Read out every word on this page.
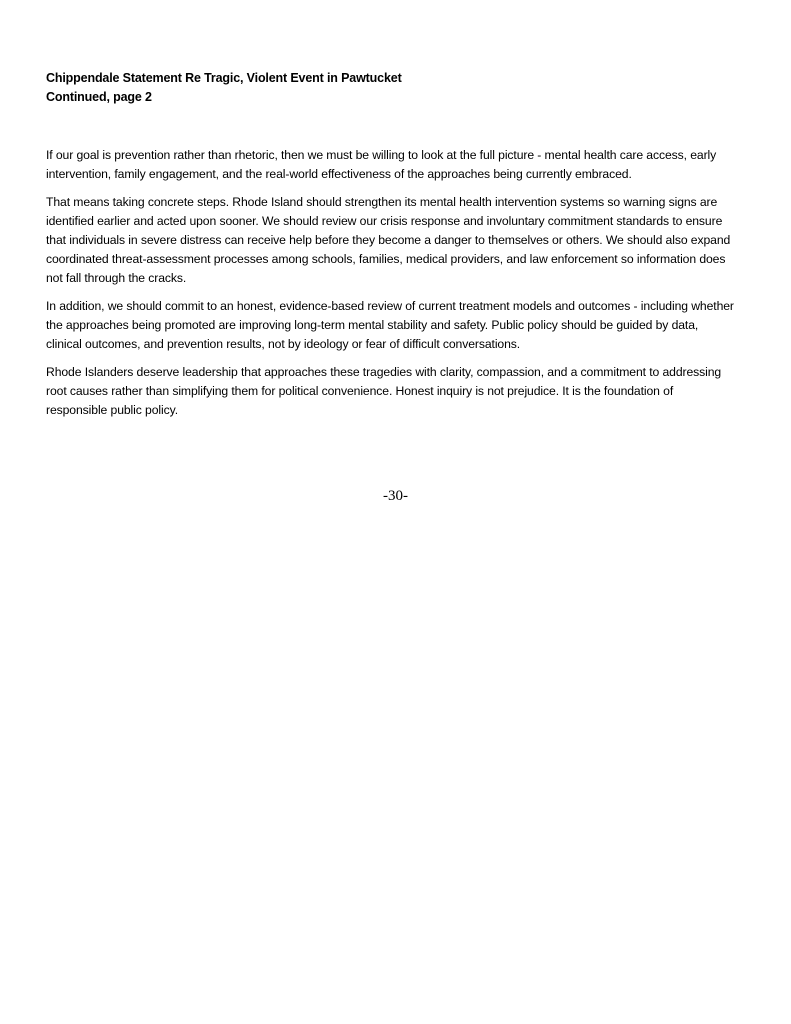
Chippendale Statement Re Tragic, Violent Event in Pawtucket
Continued, page 2

If our goal is prevention rather than rhetoric, then we must be willing to look at the full picture - mental health care access, early intervention, family engagement, and the real-world effectiveness of the approaches being currently embraced.

That means taking concrete steps. Rhode Island should strengthen its mental health intervention systems so warning signs are identified earlier and acted upon sooner. We should review our crisis response and involuntary commitment standards to ensure that individuals in severe distress can receive help before they become a danger to themselves or others. We should also expand coordinated threat-assessment processes among schools, families, medical providers, and law enforcement so information does not fall through the cracks.

In addition, we should commit to an honest, evidence-based review of current treatment models and outcomes - including whether the approaches being promoted are improving long-term mental stability and safety. Public policy should be guided by data, clinical outcomes, and prevention results, not by ideology or fear of difficult conversations.

Rhode Islanders deserve leadership that approaches these tragedies with clarity, compassion, and a commitment to addressing root causes rather than simplifying them for political convenience. Honest inquiry is not prejudice. It is the foundation of responsible public policy.

-30-
